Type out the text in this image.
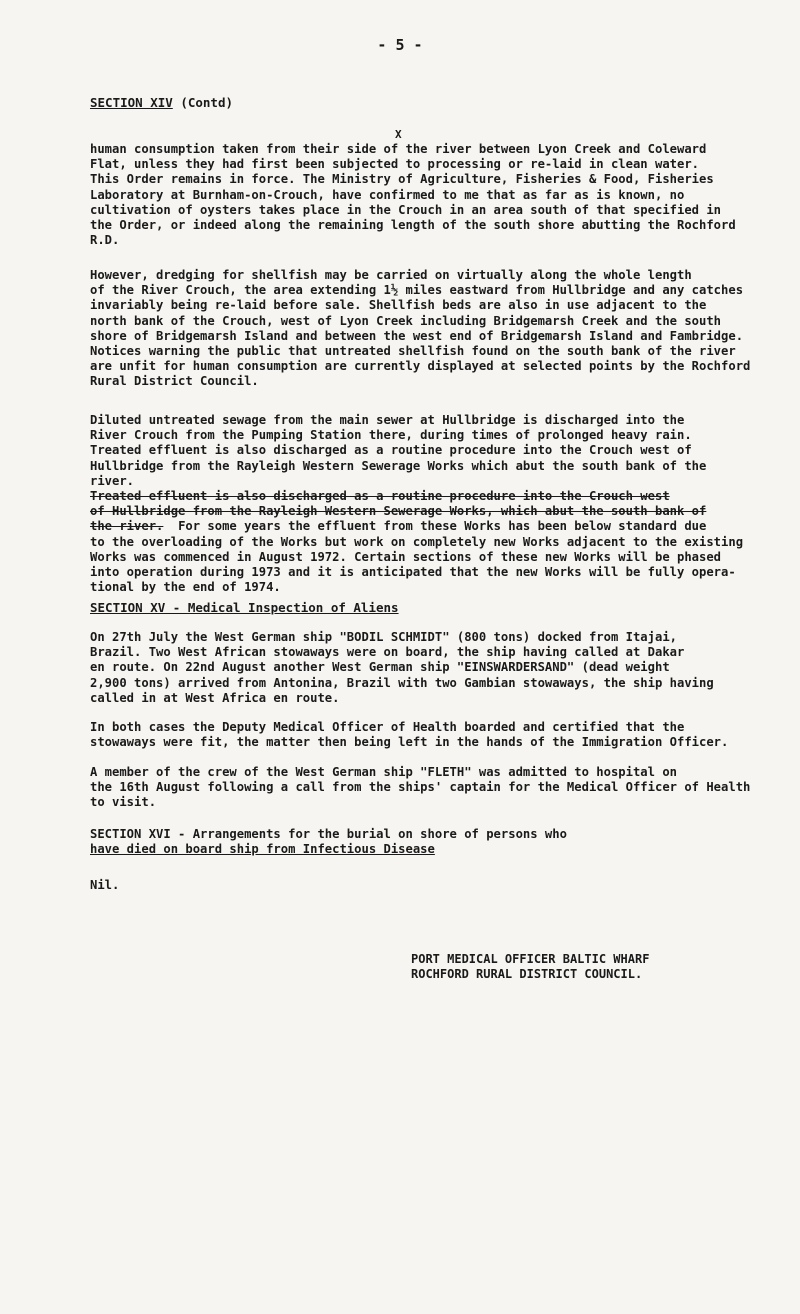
- 5 -
SECTION XIV (Contd)
X

human consumption taken from their side of the river between Lyon Creek and Coleward
Flat, unless they had first been subjected to processing or re-laid in clean water.
This Order remains in force. The Ministry of Agriculture, Fisheries & Food, Fisheries
Laboratory at Burnham-on-Crouch, have confirmed to me that as far as is known, no
cultivation of oysters takes place in the Crouch in an area south of that specified in
the Order, or indeed along the remaining length of the south shore abutting the Rochford
R.D.

However, dredging for shellfish may be carried on virtually along the whole length
of the River Crouch, the area extending 1½ miles eastward from Hullbridge and any catches
invariably being re-laid before sale. Shellfish beds are also in use adjacent to the
north bank of the Crouch, west of Lyon Creek including Bridgemarsh Creek and the south
shore of Bridgemarsh Island and between the west end of Bridgemarsh Island and Fambridge.
Notices warning the public that untreated shellfish found on the south bank of the river
are unfit for human consumption are currently displayed at selected points by the Rochford
Rural District Council.

Diluted untreated sewage from the main sewer at Hullbridge is discharged into the
River Crouch from the Pumping Station there, during times of prolonged heavy rain.
Treated effluent is also discharged as a routine procedure into the Crouch west of
Hullbridge from the Rayleigh Western Sewerage Works which abut the south bank of the
river.
Treated effluent is also discharged as a routine procedure into the Crouch west
of Hullbridge from the Rayleigh Western Sewerage Works, which abut the south bank of
the river. For some years the effluent from these Works has been below standard due
to the overloading of the Works but work on completely new Works adjacent to the existing
Works was commenced in August 1972. Certain sections of these new Works will be phased
into operation during 1973 and it is anticipated that the new Works will be fully opera-
tional by the end of 1974.

SECTION XV - Medical Inspection of Aliens

On 27th July the West German ship "BODIL SCHMIDT" (800 tons) docked from Itajai,
Brazil. Two West African stowaways were on board, the ship having called at Dakar
en route. On 22nd August another West German ship "EINSWARDERSAND" (dead weight
2,900 tons) arrived from Antonina, Brazil with two Gambian stowaways, the ship having
called in at West Africa en route.

In both cases the Deputy Medical Officer of Health boarded and certified that the
stowaways were fit, the matter then being left in the hands of the Immigration Officer.

A member of the crew of the West German ship "FLETH" was admitted to hospital on
the 16th August following a call from the ships' captain for the Medical Officer of Health
to visit.

SECTION XVI - Arrangements for the burial on shore of persons who
have died on board ship from Infectious Disease
Nil.
PORT MEDICAL OFFICER BALTIC WHARF
ROCHFORD RURAL DISTRICT COUNCIL.
